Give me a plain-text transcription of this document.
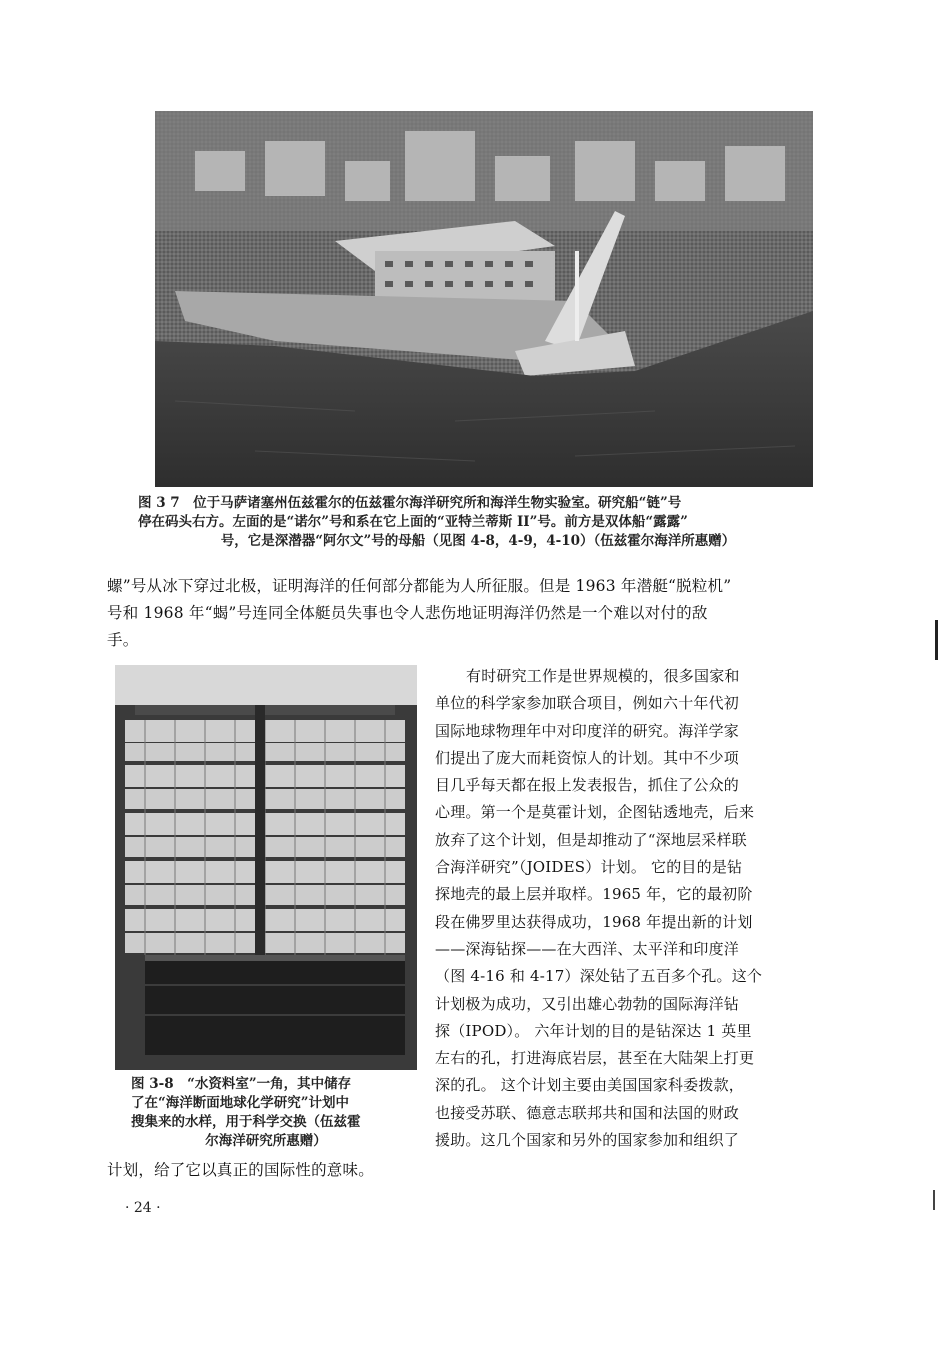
图 3 7　位于马萨诸塞州伍兹霍尔的伍兹霍尔海洋研究所和海洋生物实验室。研究船“链”号

停在码头右方。左面的是“诺尔”号和系在它上面的“亚特兰蒂斯 II”号。前方是双体船“露露”

号，它是深潜器“阿尔文”号的母船（见图 4-8，4-9，4-10）（伍兹霍尔海洋所惠赠）

螺”号从冰下穿过北极，证明海洋的任何部分都能为人所征服。但是 1963 年潜艇“脱粒机”

号和 1968 年“蝎”号连同全体艇员失事也令人悲伤地证明海洋仍然是一个难以对付的敌

手。

图 3-8　“水资料室”一角，其中储存

了在“海洋断面地球化学研究”计划中

搜集来的水样，用于科学交换（伍兹霍

尔海洋研究所惠赠）

有时研究工作是世界规模的，很多国家和

单位的科学家参加联合项目，例如六十年代初

国际地球物理年中对印度洋的研究。海洋学家

们提出了庞大而耗资惊人的计划。其中不少项

目几乎每天都在报上发表报告，抓住了公众的

心理。第一个是莫霍计划，企图钻透地壳，后来

放弃了这个计划，但是却推动了“深地层采样联

合海洋研究”（JOIDES）计划。 它的目的是钻

探地壳的最上层并取样。1965 年，它的最初阶

段在佛罗里达获得成功，1968 年提出新的计划

——深海钻探——在大西洋、太平洋和印度洋

（图 4-16 和 4-17）深处钻了五百多个孔。这个

计划极为成功，又引出雄心勃勃的国际海洋钻

探（IPOD）。 六年计划的目的是钻深达 1 英里

左右的孔，打进海底岩层，甚至在大陆架上打更

深的孔。 这个计划主要由美国国家科委拨款，

也接受苏联、德意志联邦共和国和法国的财政

援助。这几个国家和另外的国家参加和组织了

计划，给了它以真正的国际性的意味。

· 24 ·
